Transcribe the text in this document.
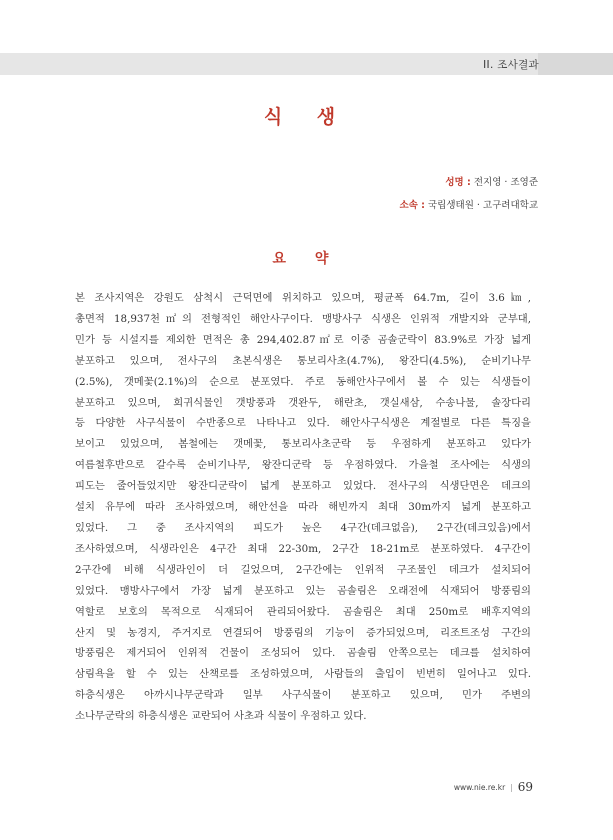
II. 조사결과
식 생
성명 : 전지영 · 조영준
소속 : 국립생태원 · 고구려대학교
요 약
본 조사지역은 강원도 삼척시 근덕면에 위치하고 있으며, 평균폭 64.7m, 길이 3.6㎞,
총면적 18,937천㎡의 전형적인 해안사구이다. 맹방사구 식생은 인위적 개발지와 군부대,
민가 등 시설지를 제외한 면적은 총 294,402.87㎡로 이중 곰솔군락이 83.9%로 가장 넓게
분포하고 있으며, 전사구의 초본식생은 통보리사초(4.7%), 왕잔디(4.5%), 순비기나무
(2.5%), 갯메꽃(2.1%)의 순으로 분포였다. 주로 동해안사구에서 볼 수 있는 식생들이
분포하고 있으며, 희귀식물인 갯방풍과 갯완두, 해란초, 갯실새삼, 수송나물, 솔장다리
등 다양한 사구식물이 수반종으로 나타나고 있다. 해안사구식생은 계절별로 다른 특징을
보이고 있었으며, 봄철에는 갯메꽃, 통보리사초군락 등 우점하게 분포하고 있다가
여름철후반으로 갈수록 순비기나무, 왕잔디군락 등 우점하였다. 가을철 조사에는 식생의
피도는 줄어들었지만 왕잔디군락이 넓게 분포하고 있었다. 전사구의 식생단면은 데크의
설치 유무에 따라 조사하였으며, 해안선을 따라 해빈까지 최대 30m까지 넓게 분포하고
있었다. 그 중 조사지역의 피도가 높은 4구간(데크없음), 2구간(데크있음)에서
조사하였으며, 식생라인은 4구간 최대 22-30m, 2구간 18-21m로 분포하였다. 4구간이
2구간에 비해 식생라인이 더 길었으며, 2구간에는 인위적 구조물인 데크가 설치되어
있었다. 맹방사구에서 가장 넓게 분포하고 있는 곰솔림은 오래전에 식재되어 방풍림의
역할로 보호의 목적으로 식재되어 관리되어왔다. 곰솔림은 최대 250m로 배후지역의
산지 및 농경지, 주거지로 연결되어 방풍림의 기능이 증가되었으며, 리조트조성 구간의
방풍림은 제거되어 인위적 건물이 조성되어 있다. 곰솔림 안쪽으로는 데크를 설치하여
삼림욕을 할 수 있는 산책로를 조성하였으며, 사람들의 출입이 빈번히 일어나고 있다.
하층식생은 아까시나무군락과 일부 사구식물이 분포하고 있으며, 민가 주변의
소나무군락의 하층식생은 교란되어 사초과 식물이 우점하고 있다.
www.nie.re.kr | 69
